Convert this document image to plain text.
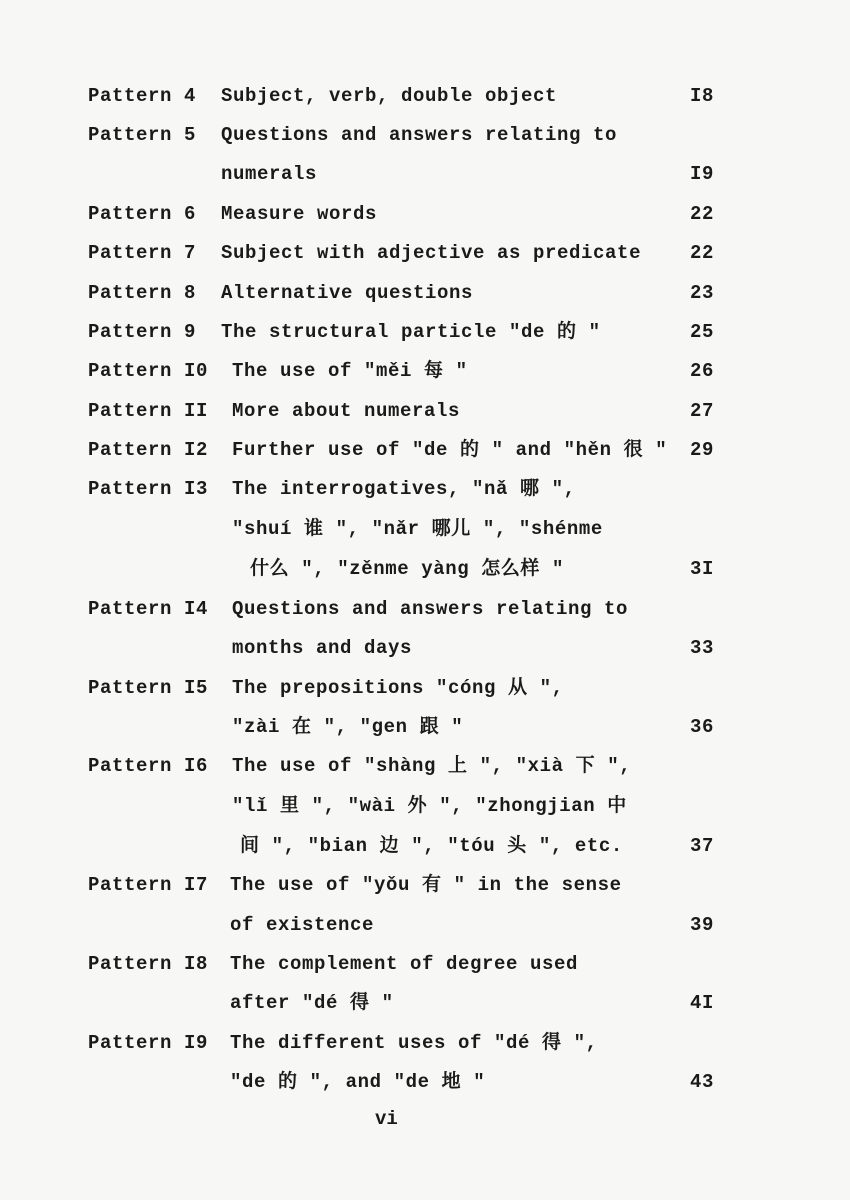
Pattern 4 Subject, verb, double object	I8
Pattern 5 Questions and answers relating to
numerals	I9
Pattern 6 Measure words	22
Pattern 7 Subject with adjective as predicate	22
Pattern 8 Alternative questions	23
Pattern 9 The structural particle "de 的 "	25
Pattern I0 The use of "měi 每 "	26
Pattern II More about numerals	27
Pattern I2 Further use of "de 的 " and "hěn 很 " 29
Pattern I3 The interrogatives, "nǎ 哪 ",
"shuí 谁 ", "nǎr 哪儿 ", "shénme
什么 ", "zěnme yàng 怎么样 "	3I
Pattern I4 Questions and answers relating to
months and days	33
Pattern I5 The prepositions "cóng 从 ",
"zài 在 ", "gen 跟 "	36
Pattern I6 The use of "shàng 上 ", "xià 下 ",
"lǐ 里 ", "wài 外 ", "zhongjian 中
间 ", "bian 边 ", "tóu 头 ", etc.	37
Pattern I7 The use of "yǒu 有 " in the sense
of existence	39
Pattern I8 The complement of degree used
after "dé 得 "	4I
Pattern I9 The different uses of "dé 得 ",
"de 的 ", and "de 地 "	43
vi
